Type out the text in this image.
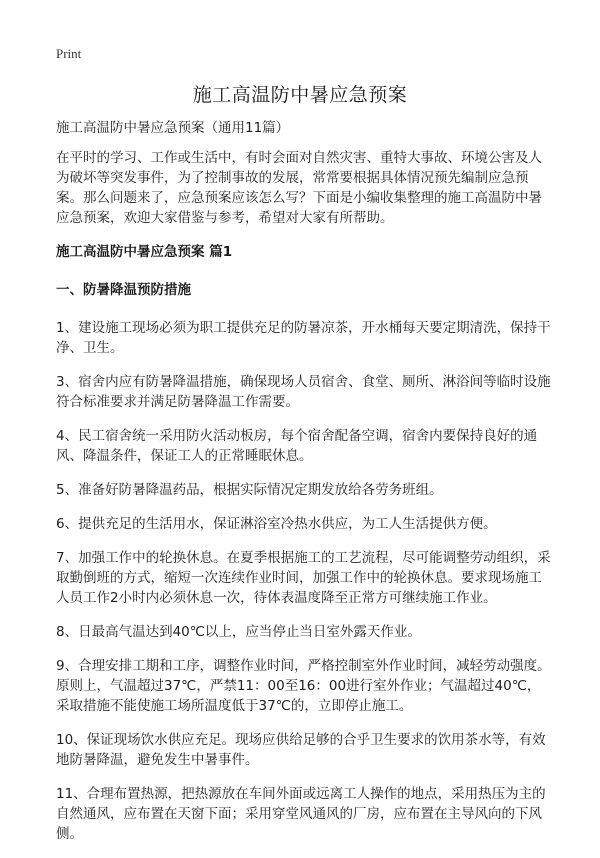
Print
施工高温防中暑应急预案

施工高温防中暑应急预案（通用11篇）

在平时的学习、工作或生活中，有时会面对自然灾害、重特大事故、环境公害及人为破坏等突发事件，为了控制事故的发展，常常要根据具体情况预先编制应急预案。那么问题来了，应急预案应该怎么写？下面是小编收集整理的施工高温防中暑应急预案，欢迎大家借鉴与参考，希望对大家有所帮助。

施工高温防中暑应急预案 篇1

一、防暑降温预防措施

1、建设施工现场必须为职工提供充足的防暑凉茶，开水桶每天要定期清洗，保持干净、卫生。

3、宿舍内应有防暑降温措施，确保现场人员宿舍、食堂、厕所、淋浴间等临时设施符合标准要求并满足防暑降温工作需要。

4、民工宿舍统一采用防火活动板房，每个宿舍配备空调，宿舍内要保持良好的通风、降温条件，保证工人的正常睡眠休息。

5、准备好防暑降温药品，根据实际情况定期发放给各劳务班组。

6、提供充足的生活用水，保证淋浴室冷热水供应，为工人生活提供方便。

7、加强工作中的轮换休息。在夏季根据施工的工艺流程，尽可能调整劳动组织，采取勤倒班的方式，缩短一次连续作业时间，加强工作中的轮换休息。要求现场施工人员工作2小时内必须休息一次，待体表温度降至正常方可继续施工作业。

8、日最高气温达到40℃以上，应当停止当日室外露天作业。

9、合理安排工期和工序，调整作业时间，严格控制室外作业时间，减轻劳动强度。原则上，气温超过37℃，严禁11：00至16：00进行室外作业；气温超过40℃，采取措施不能使施工场所温度低于37℃的，立即停止施工。

10、保证现场饮水供应充足。现场应供给足够的合乎卫生要求的饮用茶水等，有效地防暑降温，避免发生中暑事件。

11、合理布置热源，把热源放在车间外面或远离工人操作的地点，采用热压为主的自然通风，应布置在天窗下面；采用穿堂风通风的厂房，应布置在主导风向的下风侧。
